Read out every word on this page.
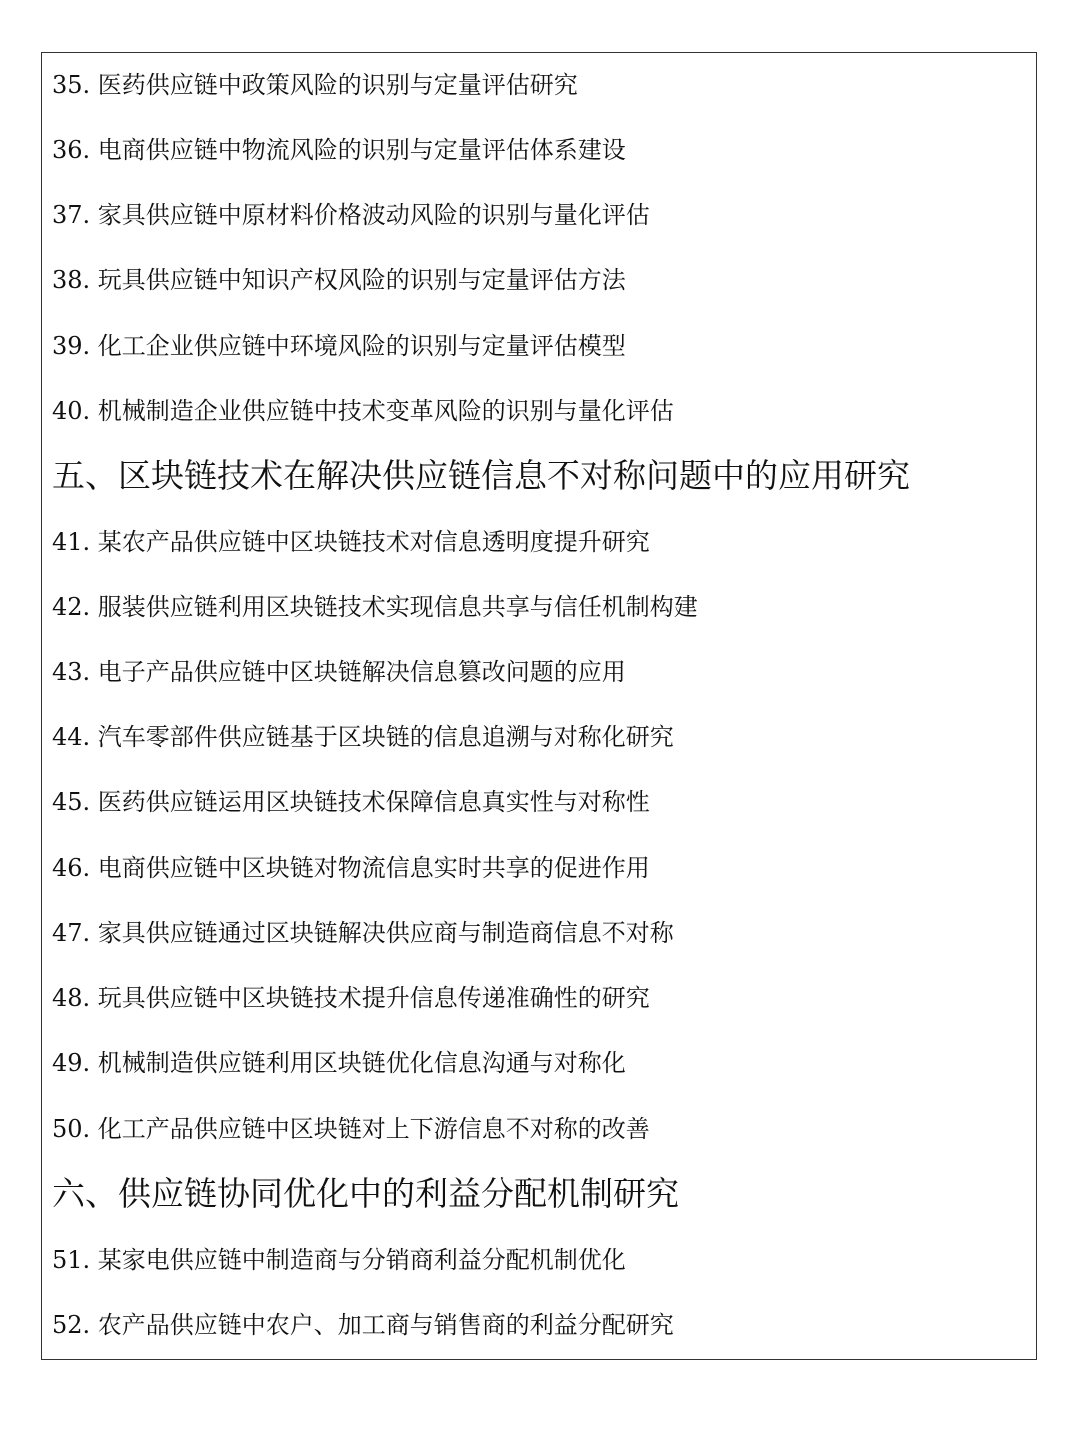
35. 医药供应链中政策风险的识别与定量评估研究
36. 电商供应链中物流风险的识别与定量评估体系建设
37. 家具供应链中原材料价格波动风险的识别与量化评估
38. 玩具供应链中知识产权风险的识别与定量评估方法
39. 化工企业供应链中环境风险的识别与定量评估模型
40. 机械制造企业供应链中技术变革风险的识别与量化评估
五、区块链技术在解决供应链信息不对称问题中的应用研究
41. 某农产品供应链中区块链技术对信息透明度提升研究
42. 服装供应链利用区块链技术实现信息共享与信任机制构建
43. 电子产品供应链中区块链解决信息篡改问题的应用
44. 汽车零部件供应链基于区块链的信息追溯与对称化研究
45. 医药供应链运用区块链技术保障信息真实性与对称性
46. 电商供应链中区块链对物流信息实时共享的促进作用
47. 家具供应链通过区块链解决供应商与制造商信息不对称
48. 玩具供应链中区块链技术提升信息传递准确性的研究
49. 机械制造供应链利用区块链优化信息沟通与对称化
50. 化工产品供应链中区块链对上下游信息不对称的改善
六、供应链协同优化中的利益分配机制研究
51. 某家电供应链中制造商与分销商利益分配机制优化
52. 农产品供应链中农户、加工商与销售商的利益分配研究
